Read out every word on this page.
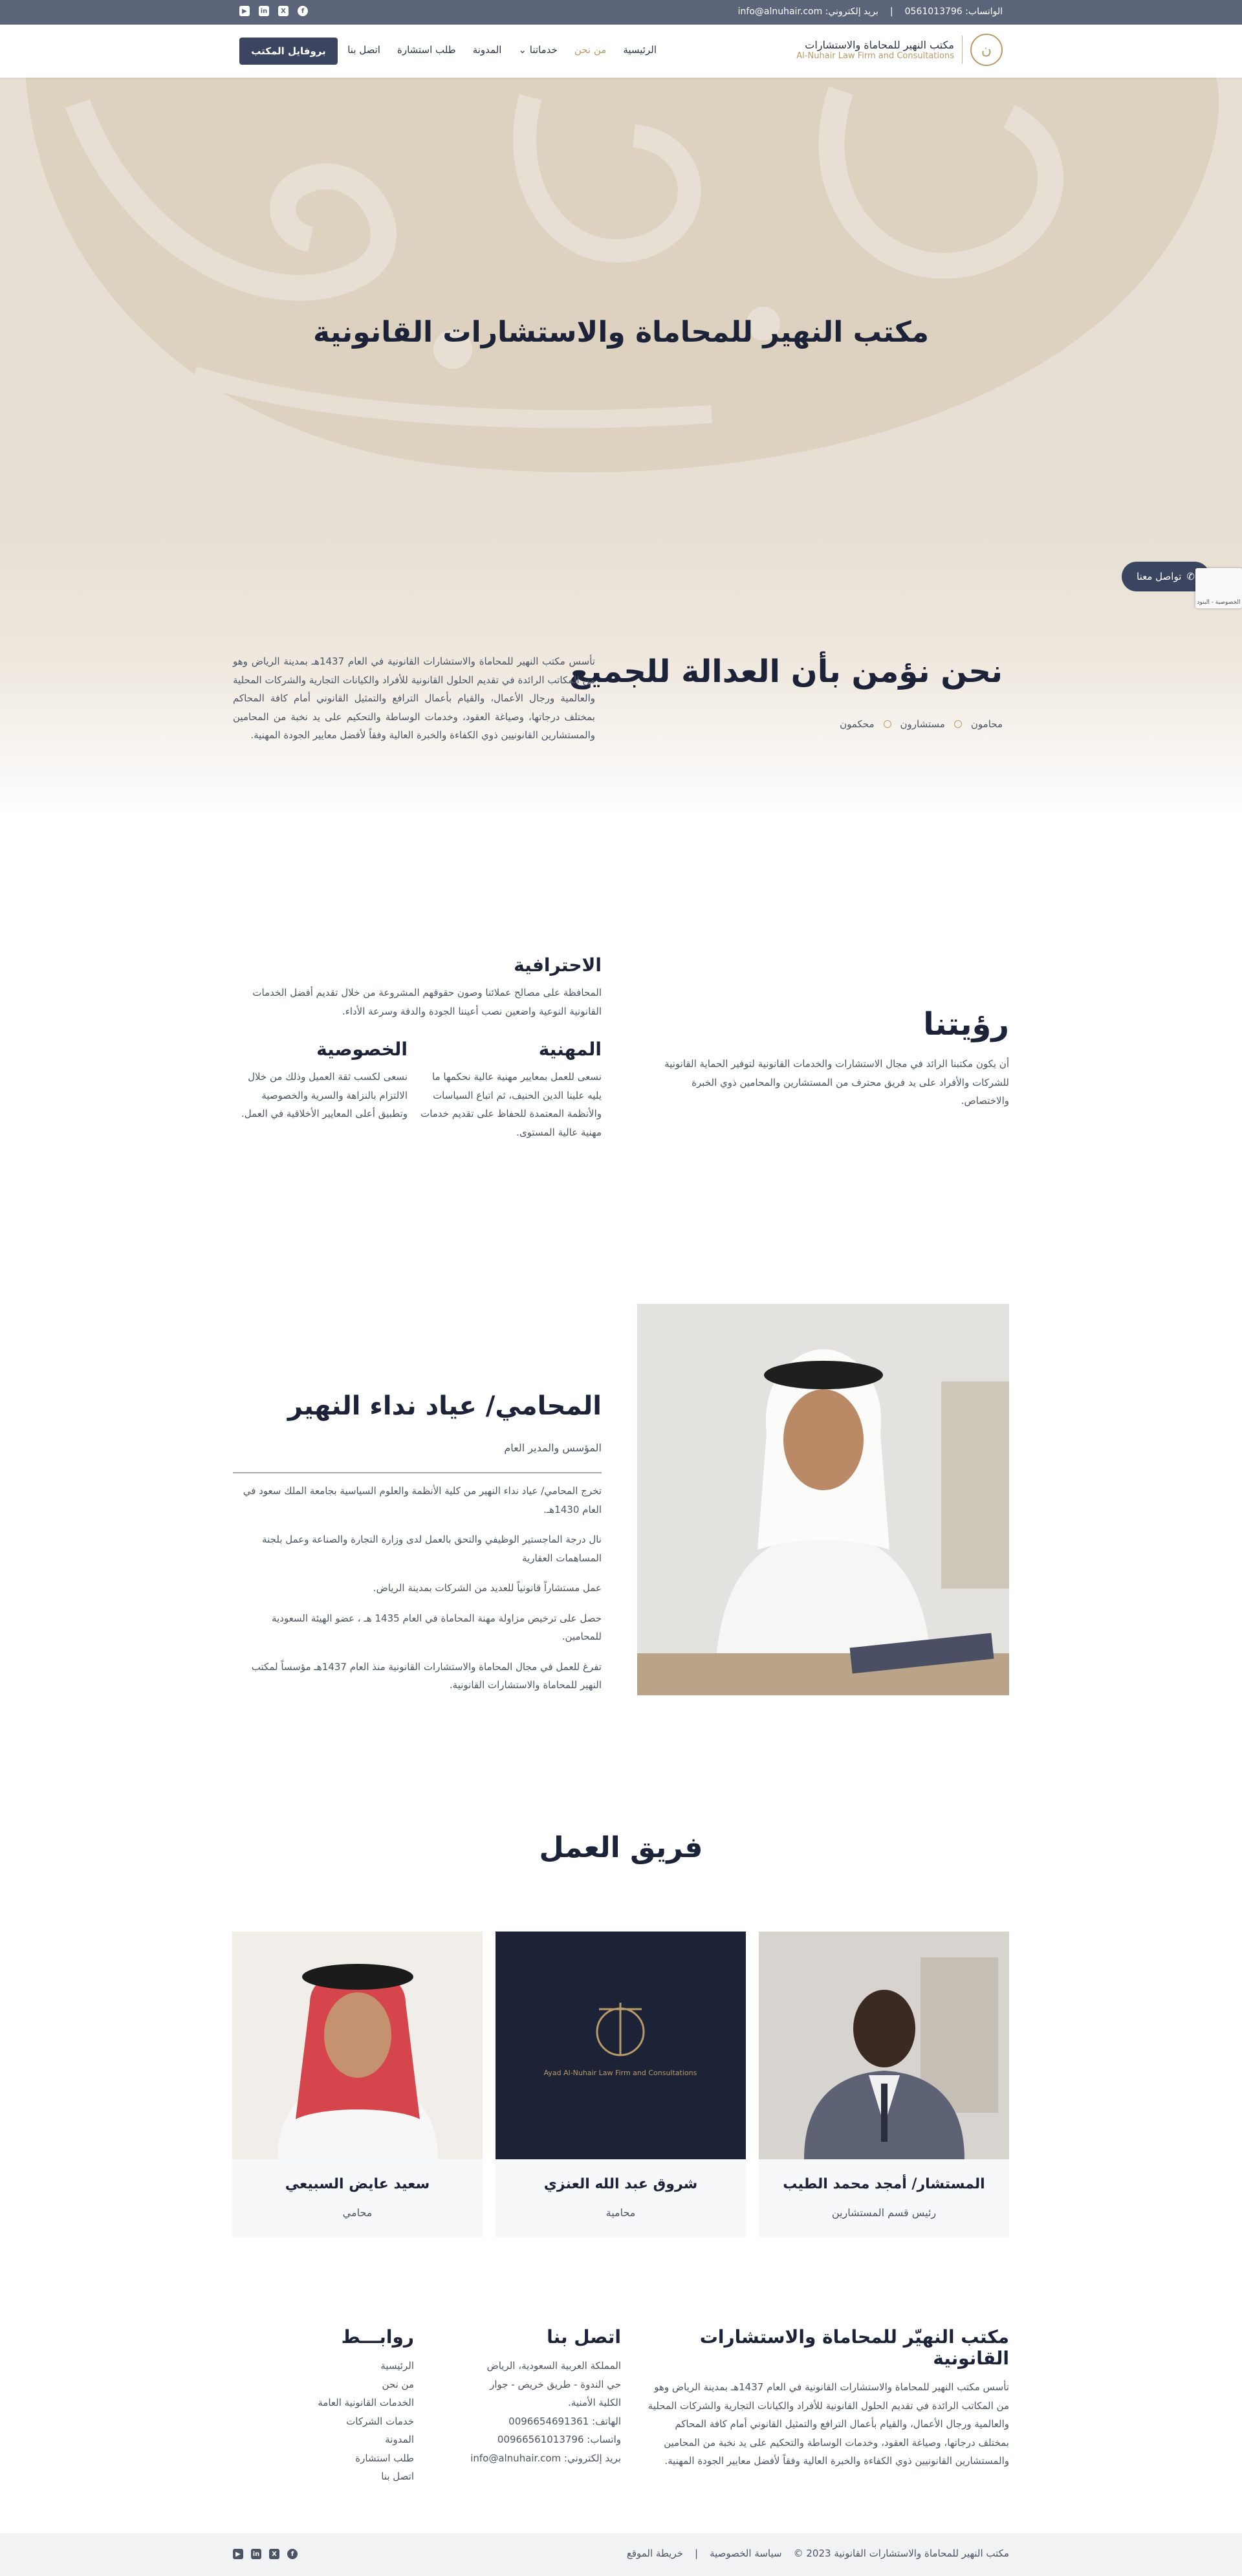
الواتساب: 0561013796
|
بريد إلكتروني: info@alnuhair.com
▶	in	X	f
ن
مكتب النهير للمحاماة والاستشارات
Al-Nuhair Law Firm and Consultations
الرئيسية
من نحن
خدماتنا ⌄
المدونة
طلب استشارة
اتصل بنا
بروفايل المكتب
مكتب النهير للمحاماة والاستشارات القانونية
نحن نؤمن بأن العدالة للجميع
محامون
مستشارون
محكمون

تأسس مكتب النهير للمحاماة والاستشارات القانونية في العام 1437هـ بمدينة الرياض وهو من المكاتب الرائدة في تقديم الحلول القانونية للأفراد والكيانات التجارية والشركات المحلية والعالمية ورجال الأعمال، والقيام بأعمال الترافع والتمثيل القانوني أمام كافة المحاكم بمختلف درجاتها، وصياغة العقود، وخدمات الوساطة والتحكيم على يد نخبة من المحامين والمستشارين القانونيين ذوي الكفاءة والخبرة العالية وفقاً لأفضل معايير الجودة المهنية.

✆
تواصل معنا
الخصوصية - البنود
رؤيتنا

أن يكون مكتبنا الرائد في مجال الاستشارات والخدمات القانونية لتوفير الحماية القانونية للشركات والأفراد على يد فريق محترف من المستشارين والمحامين ذوي الخبرة والاختصاص.

الاحترافية

المحافظة على مصالح عملائنا وصون حقوقهم المشروعة من خلال تقديم أفضل الخدمات القانونية النوعية واضعين نصب أعيننا الجودة والدقة وسرعة الأداء.

المهنية

نسعى للعمل بمعايير مهنية عالية نحكمها ما يليه علينا الدين الحنيف، ثم اتباع السياسات والأنظمة المعتمدة للحفاظ على تقديم خدمات مهنية عالية المستوى.

الخصوصية

نسعى لكسب ثقة العميل وذلك من خلال الالتزام بالنزاهة والسرية والخصوصية وتطبيق أعلى المعايير الأخلاقية في العمل.

المحامي/ عياد نداء النهير
المؤسس والمدير العام

تخرج المحامي/ عياد نداء النهير من كلية الأنظمة والعلوم السياسية بجامعة الملك سعود في العام 1430هـ.

نال درجة الماجستير الوظيفي والتحق بالعمل لدى وزارة التجارة والصناعة وعمل بلجنة المساهمات العقارية

عمل مستشاراً قانونياً للعديد من الشركات بمدينة الرياض.

حصل على ترخيص مزاولة مهنة المحاماة في العام 1435 هـ ، عضو الهيئة السعودية للمحامين.

تفرغ للعمل في مجال المحاماة والاستشارات القانونية منذ العام 1437هـ مؤسساً لمكتب النهير للمحاماة والاستشارات القانونية.

فريق العمل
المستشار/ أمجد محمد الطيب
رئيس قسم المستشارين
Ayad Al-Nuhair Law Firm and Consultations
شروق عبد الله العنزي
محامية
سعيد عايض السبيعي
محامي
مكتب النهيّر للمحاماة والاستشارات القانونية

تأسس مكتب النهير للمحاماة والاستشارات القانونية في العام 1437هـ بمدينة الرياض وهو من المكاتب الرائدة في تقديم الحلول القانونية للأفراد والكيانات التجارية والشركات المحلية والعالمية ورجال الأعمال، والقيام بأعمال الترافع والتمثيل القانوني أمام كافة المحاكم بمختلف درجاتها، وصياغة العقود، وخدمات الوساطة والتحكيم على يد نخبة من المحامين والمستشارين القانونيين ذوي الكفاءة والخبرة العالية وفقاً لأفضل معايير الجودة المهنية.

اتصل بنا
المملكة العربية السعودية، الرياض
حي الندوة - طريق خريص - جوار
الكلية الأمنية.
الهاتف: 0096654691361
واتساب: 00966561013796
بريد إلكتروني: info@alnuhair.com
روابـــط
الرئيسية
من نحن
الخدمات القانونية العامة
خدمات الشركات
المدونة
طلب استشارة
اتصل بنا
مكتب النهير للمحاماة والاستشارات القانونية 2023 ©
سياسة الخصوصية
|
خريطة الموقع
▶	in	X	f
